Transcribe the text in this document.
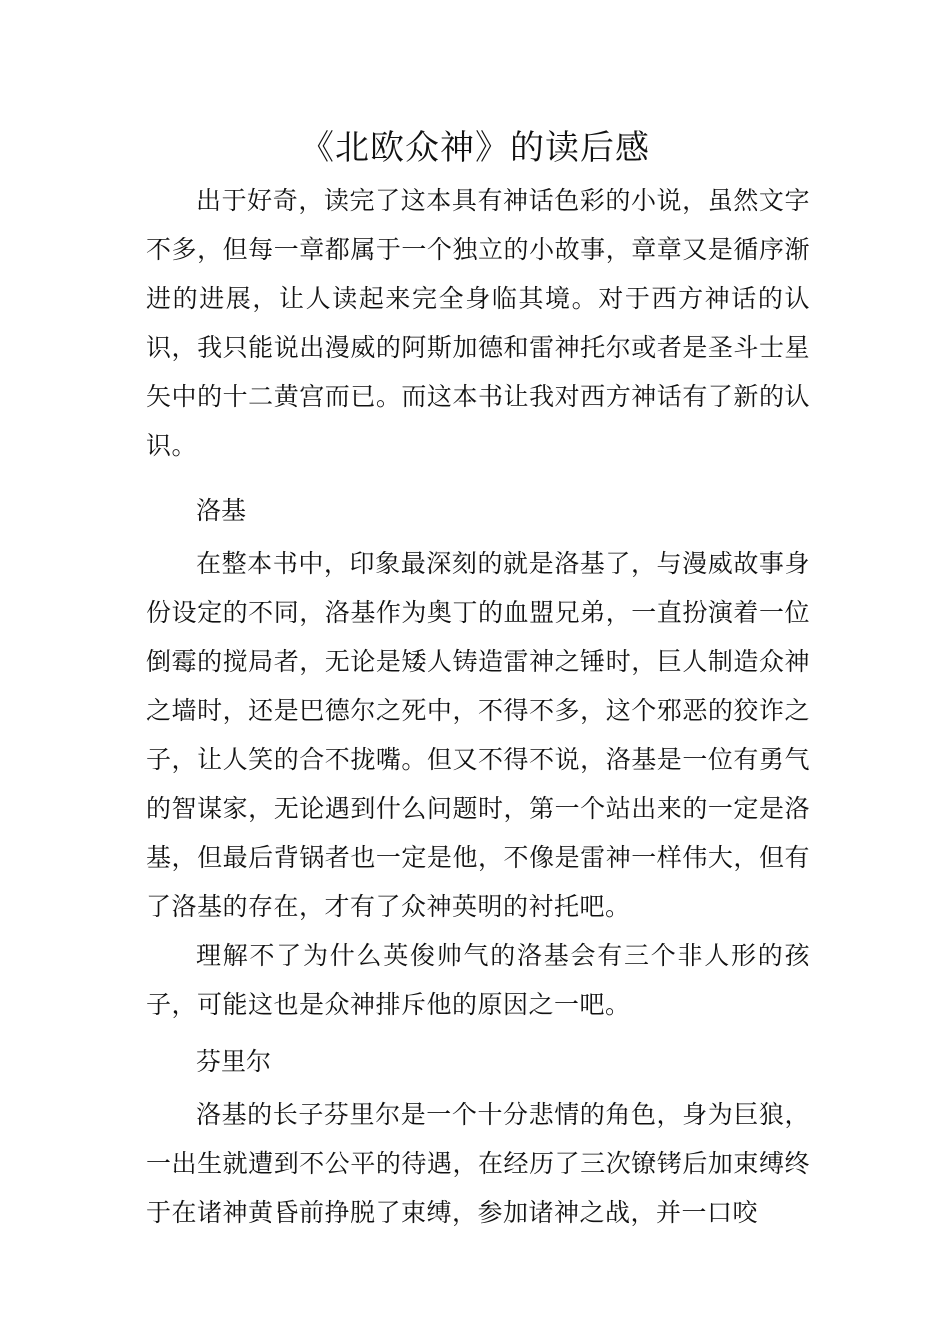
《北欧众神》的读后感

出于好奇，读完了这本具有神话色彩的小说，虽然文字不多，但每一章都属于一个独立的小故事，章章又是循序渐进的进展，让人读起来完全身临其境。对于西方神话的认识，我只能说出漫威的阿斯加德和雷神托尔或者是圣斗士星矢中的十二黄宫而已。而这本书让我对西方神话有了新的认识。

洛基

在整本书中，印象最深刻的就是洛基了，与漫威故事身份设定的不同，洛基作为奥丁的血盟兄弟，一直扮演着一位倒霉的搅局者，无论是矮人铸造雷神之锤时，巨人制造众神之墙时，还是巴德尔之死中，不得不多，这个邪恶的狡诈之子，让人笑的合不拢嘴。但又不得不说，洛基是一位有勇气的智谋家，无论遇到什么问题时，第一个站出来的一定是洛基，但最后背锅者也一定是他，不像是雷神一样伟大，但有了洛基的存在，才有了众神英明的衬托吧。

理解不了为什么英俊帅气的洛基会有三个非人形的孩子，可能这也是众神排斥他的原因之一吧。

芬里尔

洛基的长子芬里尔是一个十分悲情的角色，身为巨狼，一出生就遭到不公平的待遇，在经历了三次镣铐后加束缚终于在诸神黄昏前挣脱了束缚，参加诸神之战，并一口咬
